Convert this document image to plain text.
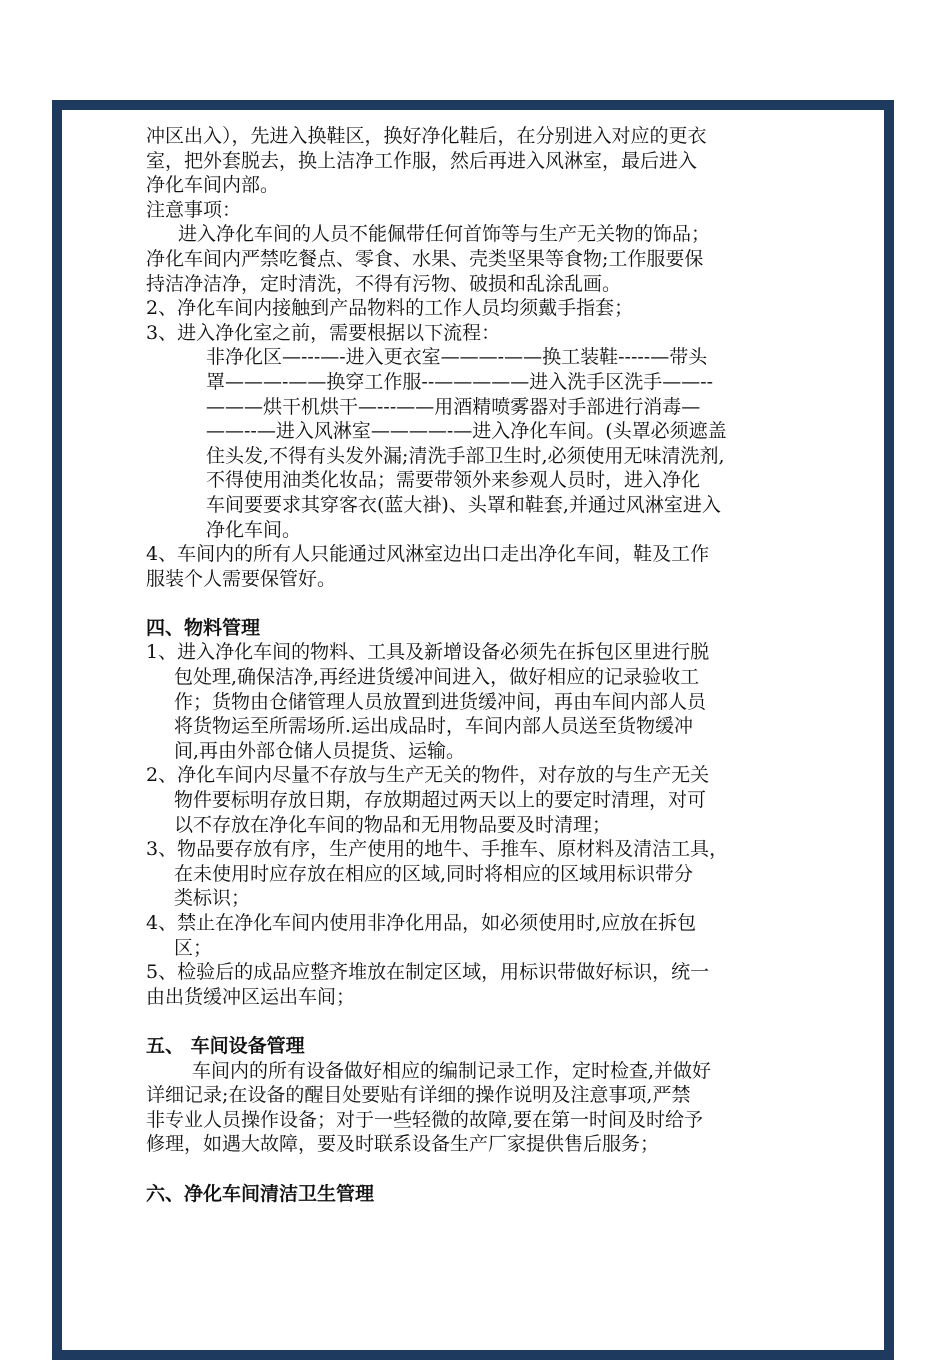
冲区出入），先进入换鞋区，换好净化鞋后，在分别进入对应的更衣
室，把外套脱去，换上洁净工作服，然后再进入风淋室，最后进入
净化车间内部。
注意事项：
进入净化车间的人员不能佩带任何首饰等与生产无关物的饰品；
净化车间内严禁吃餐点、零食、水果、壳类坚果等食物;工作服要保
持洁净洁净，定时清洗，不得有污物、破损和乱涂乱画。
2、净化车间内接触到产品物料的工作人员均须戴手指套；
3、进入净化室之前，需要根据以下流程：
非净化区—---—-进入更衣室———-——换工装鞋-----—带头
罩———-——换穿工作服--—————进入洗手区洗手——--
———烘干机烘干—---——用酒精喷雾器对手部进行消毒—
——--—进入风淋室————-—进入净化车间。(头罩必须遮盖
住头发,不得有头发外漏;清洗手部卫生时,必须使用无味清洗剂,
不得使用油类化妆品；需要带领外来参观人员时，进入净化
车间要要求其穿客衣(蓝大褂)、头罩和鞋套,并通过风淋室进入
净化车间。
4、车间内的所有人只能通过风淋室边出口走出净化车间，鞋及工作
服装个人需要保管好。
四、物料管理
1、进入净化车间的物料、工具及新增设备必须先在拆包区里进行脱
包处理,确保洁净,再经进货缓冲间进入，做好相应的记录验收工
作；货物由仓储管理人员放置到进货缓冲间，再由车间内部人员
将货物运至所需场所.运出成品时，车间内部人员送至货物缓冲
间,再由外部仓储人员提货、运输。
2、净化车间内尽量不存放与生产无关的物件，对存放的与生产无关
物件要标明存放日期，存放期超过两天以上的要定时清理，对可
以不存放在净化车间的物品和无用物品要及时清理；
3、物品要存放有序，生产使用的地牛、手推车、原材料及清洁工具，
在未使用时应存放在相应的区域,同时将相应的区域用标识带分
类标识；
4、禁止在净化车间内使用非净化用品，如必须使用时,应放在拆包
区；
5、检验后的成品应整齐堆放在制定区域，用标识带做好标识，统一
由出货缓冲区运出车间；
五、 车间设备管理
车间内的所有设备做好相应的编制记录工作，定时检查,并做好
详细记录;在设备的醒目处要贴有详细的操作说明及注意事项,严禁
非专业人员操作设备；对于一些轻微的故障,要在第一时间及时给予
修理，如遇大故障，要及时联系设备生产厂家提供售后服务；
六、净化车间清洁卫生管理
